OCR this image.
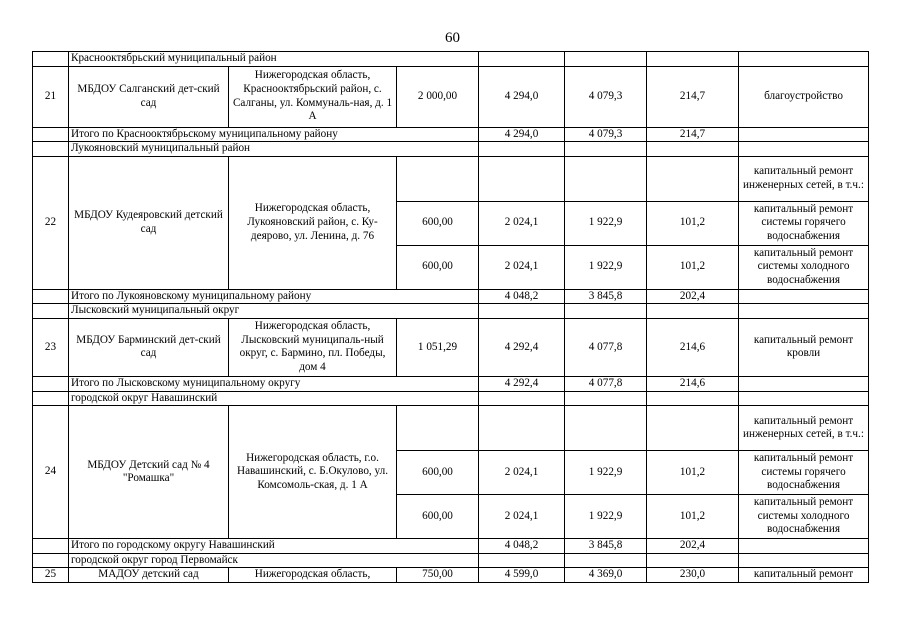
60
	Краснооктябрьский муниципальный район						
21	МБДОУ Салганский дет-ский сад	Нижегородская область, Краснооктябрьский район, с. Салганы, ул. Коммуналь-ная, д. 1 А	2 000,00	4 294,0	4 079,3	214,7	благоустройство
	Итого по Краснооктябрьскому муниципальному району			4 294,0	4 079,3	214,7	
	Лукояновский муниципальный район						
22	МБДОУ Кудеяровский детский сад	Нижегородская область, Лукояновский район, с. Ку-деярово, ул. Ленина, д. 76					капитальный ремонт инженерных сетей, в т.ч.:
			600,00	2 024,1	1 922,9	101,2	капитальный ремонт системы горячего водоснабжения
			600,00	2 024,1	1 922,9	101,2	капитальный ремонт системы холодного водоснабжения
	Итого по Лукояновскому муниципальному району			4 048,2	3 845,8	202,4	
	Лысковский муниципальный округ						
23	МБДОУ Барминский дет-ский сад	Нижегородская область, Лысковский муниципаль-ный округ, с. Бармино, пл. Победы, дом 4	1 051,29	4 292,4	4 077,8	214,6	капитальный ремонт кровли
	Итого по Лысковскому муниципальному округу			4 292,4	4 077,8	214,6	
	городской округ Навашинский						
24	МБДОУ Детский сад № 4 "Ромашка"	Нижегородская область, г.о. Навашинский, с. Б.Окулово, ул. Комсомоль-ская, д. 1 А					капитальный ремонт инженерных сетей, в т.ч.:
			600,00	2 024,1	1 922,9	101,2	капитальный ремонт системы горячего водоснабжения
			600,00	2 024,1	1 922,9	101,2	капитальный ремонт системы холодного водоснабжения
	Итого по городскому округу Навашинский			4 048,2	3 845,8	202,4	
	городской округ город Первомайск						
25	МАДОУ детский сад	Нижегородская область,	750,00	4 599,0	4 369,0	230,0	капитальный ремонт
